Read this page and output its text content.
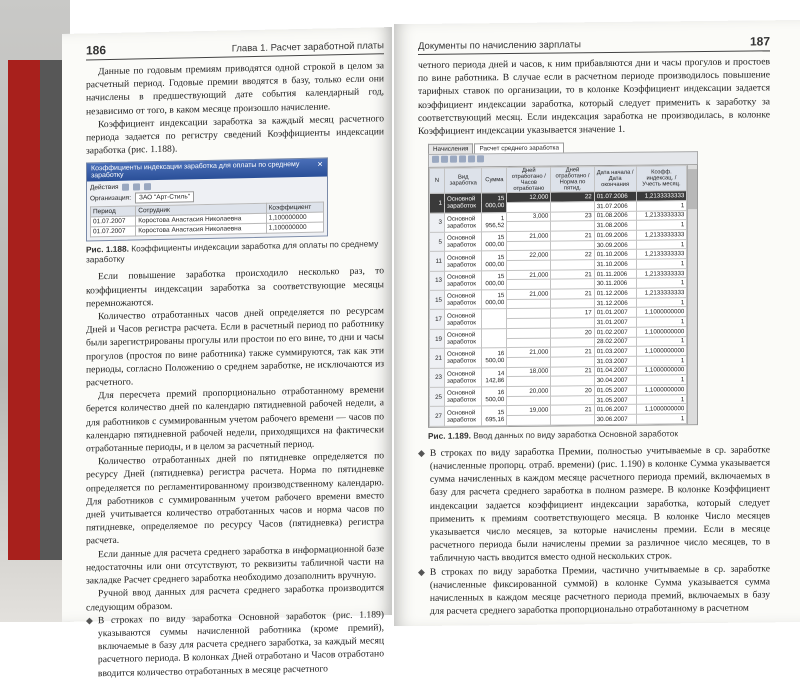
186	Глава 1. Расчет заработной платы

Данные по годовым премиям приводятся одной строкой в целом за расчетный период. Годовые премии вводятся в базу, только если они начислены в предшествующий дате события календарный год, независимо от того, в каком месяце произошло начисление.

Коэффициент индексации заработка за каждый месяц расчетного периода задается по регистру сведений Коэффициенты индексации заработка (рис. 1.188).

Коэффициенты индексации заработка для оплаты по среднему заработку
✕
Действия
Организация:	ЗАО "Арт-Стиль"
Период	Сотрудник	Коэффициент
01.07.2007	Коростова Анастасия Николаевна	1,100000000
01.07.2007	Коростова Анастасия Николаевна	1,100000000
Рис. 1.188. Коэффициенты индексации заработка для оплаты по среднему заработку

Если повышение заработка происходило несколько раз, то коэффициенты индексации заработка за соответствующие месяцы перемножаются.

Количество отработанных часов дней определяется по ресурсам Дней и Часов регистра расчета. Если в расчетный период по работнику были зарегистрированы прогулы или простои по его вине, то дни и часы прогулов (простоя по вине работника) также суммируются, так как эти периоды, согласно Положению о среднем заработке, не исключаются из расчетного.

Для пересчета премий пропорционально отработанному времени берется количество дней по календарю пятидневной рабочей недели, а для работников с суммированным учетом рабочего времени — часов по календарю пятидневной рабочей недели, приходящихся на фактически отработанные периоды, и в целом за расчетный период.

Количество отработанных дней по пятидневке определяется по ресурсу Дней (пятидневка) регистра расчета. Норма по пятидневке определяется по регламентированному производственному календарю. Для работников с суммированным учетом рабочего времени вместо дней учитывается количество отработанных часов и норма часов по пятидневке, определяемое по ресурсу Часов (пятидневка) регистра расчета.

Если данные для расчета среднего заработка в информационной базе недостаточны или они отсутствуют, то реквизиты табличной части на закладке Расчет среднего заработка необходимо дозаполнить вручную.

Ручной ввод данных для расчета среднего заработка производится следующим образом.

◆ В строках по виду заработка Основной заработок (рис. 1.189) указываются суммы начисленной работника (кроме премий), включаемые в базу для расчета среднего заработка, за каждый месяц расчетного периода. В колонках Дней отработано и Часов отработано вводится количество отработанных в месяце расчетного

Документы по начислению зарплаты	187

четного периода дней и часов, к ним прибавляются дни и часы прогулов и простоев по вине работника. В случае если в расчетном периоде производилось повышение тарифных ставок по организации, то в колонке Коэффициент индексации задается коэффициент индексации заработка, который следует применить к заработку за соответствующий месяц. Если индексация заработка не производилась, в колонке Коэффициент индексации указывается значение 1.

Начисления	Расчет среднего заработка
N	Вид заработка	Сумма	Дней отработано / Часов отработано	Дней отработано / Норма по пятид.	Дата начала / Дата окончания	Коэфф. индексац. / Учесть месяц.
1	Основной заработок	15 000,00	12,000	22	01.07.2006	1,2133333333
					31.07.2006	1
3	Основной заработок	1 956,52	3,000	23	01.08.2006	1,2133333333
					31.08.2006	1
5	Основной заработок	15 000,00	21,000	21	01.09.2006	1,2133333333
					30.09.2006	1
11	Основной заработок	15 000,00	22,000	22	01.10.2006	1,2133333333
					31.10.2006	1
13	Основной заработок	15 000,00	21,000	21	01.11.2006	1,2133333333
					30.11.2006	1
15	Основной заработок	15 000,00	21,000	21	01.12.2006	1,2133333333
					31.12.2006	1
17	Основной заработок			17	01.01.2007	1,1000000000
					31.01.2007	1
19	Основной заработок			20	01.02.2007	1,1000000000
					28.02.2007	1
21	Основной заработок	16 500,00	21,000	21	01.03.2007	1,1000000000
					31.03.2007	1
23	Основной заработок	14 142,86	18,000	21	01.04.2007	1,1000000000
					30.04.2007	1
25	Основной заработок	16 500,00	20,000	20	01.05.2007	1,1000000000
					31.05.2007	1
27	Основной заработок	15 695,16	19,000	21	01.06.2007	1,1000000000
					30.06.2007	1
Рис. 1.189. Ввод данных по виду заработка Основной заработок
◆ В строках по виду заработка Премии, полностью учитываемые в ср. заработке (начисленные пропорц. отраб. времени) (рис. 1.190) в колонке Сумма указывается сумма начисленных в каждом месяце расчетного периода премий, включаемых в базу для расчета среднего заработка в полном размере. В колонке Коэффициент индексации задается коэффициент индексации заработка, который следует применить к премиям соответствующего месяца. В колонке Число месяцев указывается число месяцев, за которые начислены премии. Если в месяце расчетного периода были начислены премии за различное число месяцев, то в табличную часть вводится вместо одной нескольких строк.

◆ В строках по виду заработка Премии, частично учитываемые в ср. заработке (начисленные фиксированной суммой) в колонке Сумма указывается сумма начисленных в каждом месяце расчетного периода премий, включаемых в базу для расчета среднего заработка пропорционально отработанному в расчетном
